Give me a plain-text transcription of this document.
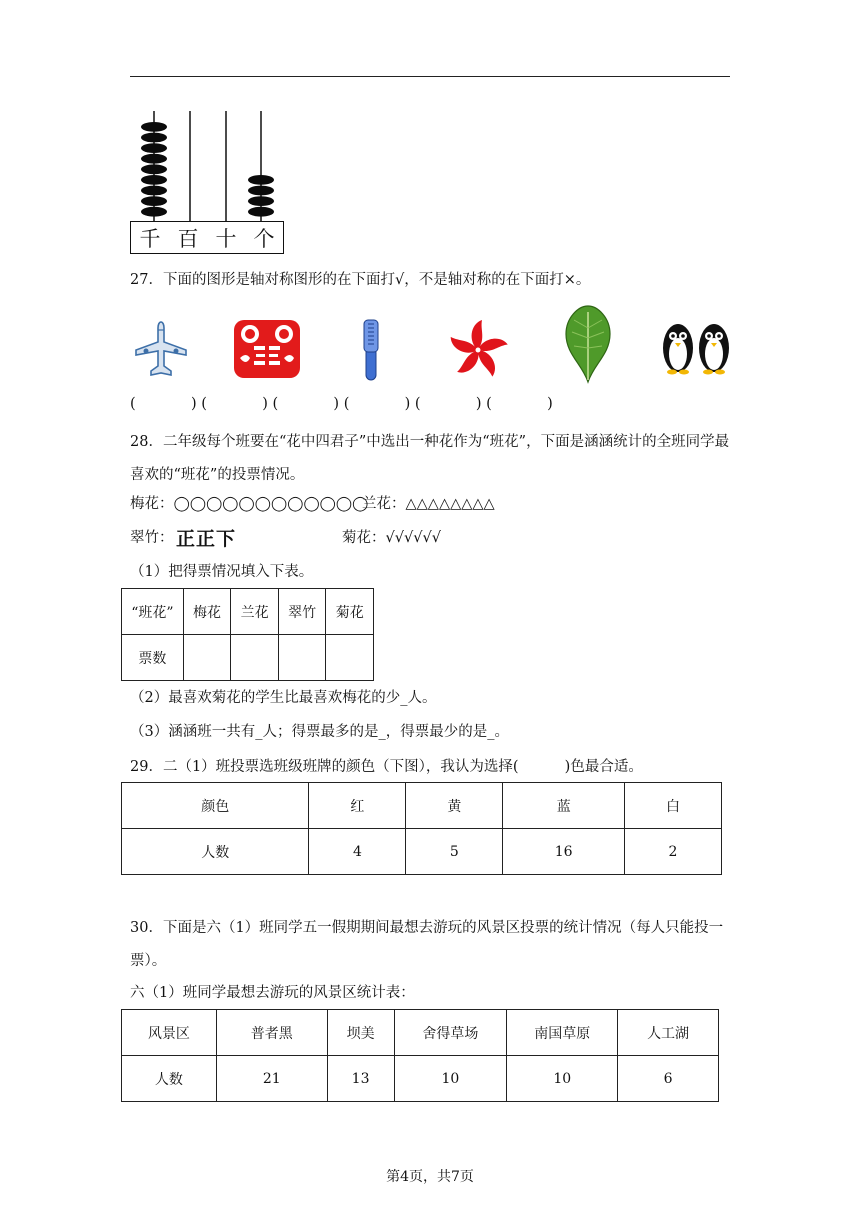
千 百 十 个
27．下面的图形是轴对称图形的在下面打√，不是轴对称的在下面打×。
(            ) (            ) (            ) (            ) (            ) (            )
28．二年级每个班要在“花中四君子”中选出一种花作为“班花”，下面是涵涵统计的全班同学最喜欢的“班花”的投票情况。
梅花：◯◯◯◯◯◯◯◯◯◯◯◯
兰花：△△△△△△△△
翠竹： 正正下	菊花：√√√√√√
（1）把得票情况填入下表。
“班花”	梅花	兰花	翠竹	菊花
票数				
（2）最喜欢菊花的学生比最喜欢梅花的少_人。
（3）涵涵班一共有_人；得票最多的是_，得票最少的是_。
29．二（1）班投票选班级班牌的颜色（下图），我认为选择(          )色最合适。
颜色	红	黄	蓝	白
人数	4	5	16	2
30．下面是六（1）班同学五一假期期间最想去游玩的风景区投票的统计情况（每人只能投一票）。
六（1）班同学最想去游玩的风景区统计表：
风景区	普者黑	坝美	舍得草场	南国草原	人工湖
人数	21	13	10	10	6
第4页，共7页
